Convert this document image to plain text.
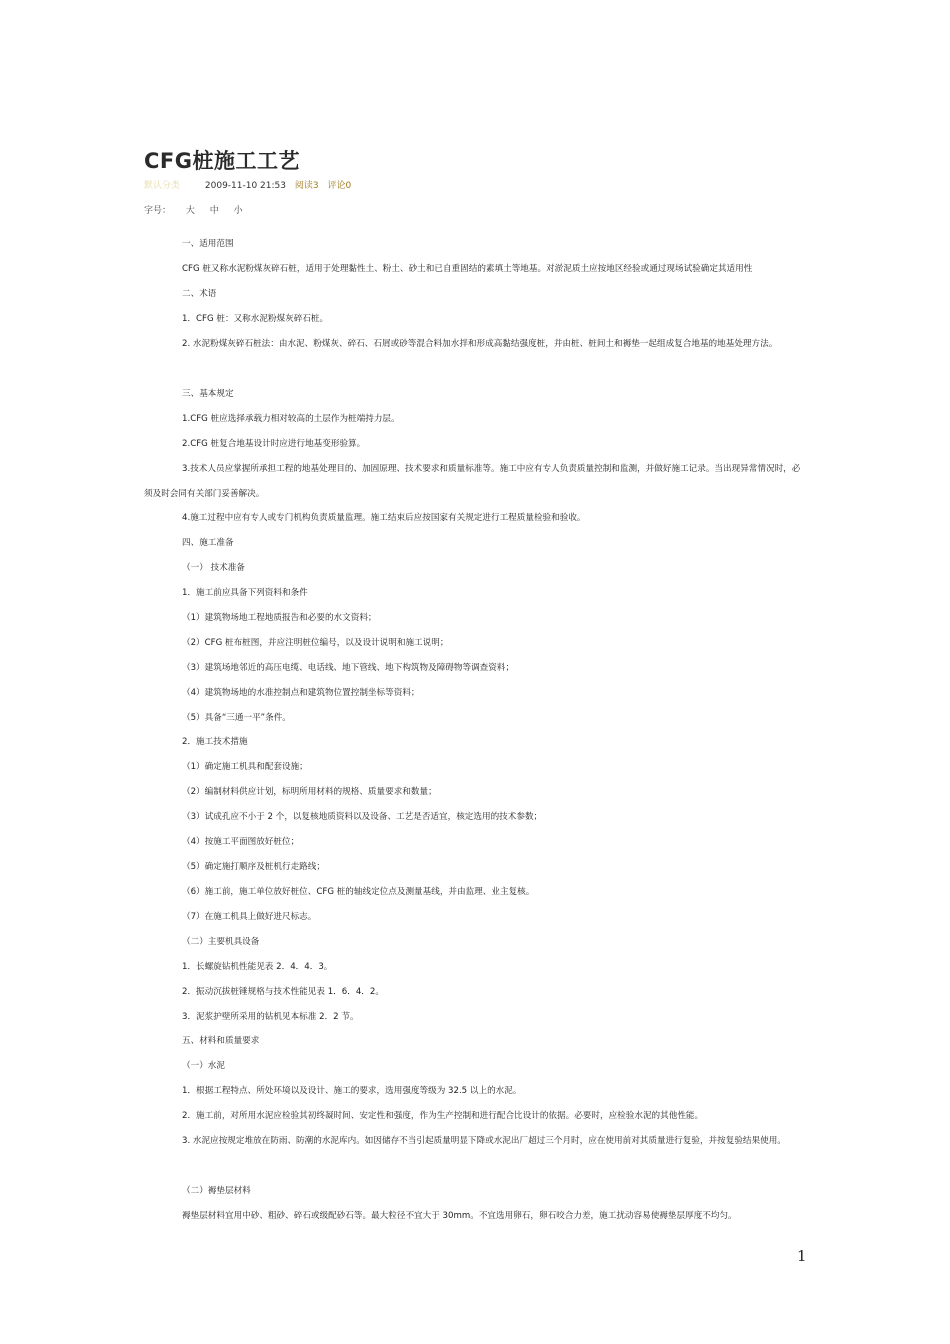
CFG桩施工工艺
默认分类	2009-11-10 21:53 阅读3 评论0
字号： 大 中 小

一、适用范围

CFG 桩又称水泥粉煤灰碎石桩，适用于处理黏性土、粉土、砂土和已自重固结的素填土等地基。对淤泥质土应按地区经验或通过现场试验确定其适用性

二、术语

1．CFG 桩：又称水泥粉煤灰碎石桩。

2. 水泥粉煤灰碎石桩法：由水泥、粉煤灰、碎石、石屑或砂等混合料加水拌和形成高黏结强度桩，并由桩、桩间土和褥垫一起组成复合地基的地基处理方法。

三、基本规定

1.CFG 桩应选择承载力相对较高的土层作为桩端持力层。

2.CFG 桩复合地基设计时应进行地基变形验算。

3.技术人员应掌握所承担工程的地基处理目的、加固原理、技术要求和质量标准等。施工中应有专人负责质量控制和监测，并做好施工记录。当出现异常情况时，必须及时会同有关部门妥善解决。

4.施工过程中应有专人或专门机构负责质量监理。施工结束后应按国家有关规定进行工程质量检验和验收。

四、施工准备

（一） 技术准备

1．施工前应具备下列资料和条件

（1）建筑物场地工程地质报告和必要的水文资料；

（2）CFG 桩布桩图，并应注明桩位编号，以及设计说明和施工说明；

（3）建筑场地邻近的高压电缆、电话线、地下管线、地下构筑物及障碍物等调查资料；

（4）建筑物场地的水准控制点和建筑物位置控制坐标等资料；

（5）具备“三通一平”条件。

2．施工技术措施

（1）确定施工机具和配套设施；

（2）编制材料供应计划，标明所用材料的规格、质量要求和数量；

（3）试成孔应不小于 2 个，以复核地质资料以及设备、工艺是否适宜，核定选用的技术参数；

（4）按施工平面图放好桩位；

（5）确定施打顺序及桩机行走路线；

（6）施工前，施工单位放好桩位、CFG 桩的轴线定位点及测量基线，并由监理、业主复核。

（7）在施工机具上做好进尺标志。

（二）主要机具设备

1．长螺旋钻机性能见表 2．4．4．3。

2．振动沉拔桩锤规格与技术性能见表 1．6．4．2。

3．泥浆护壁所采用的钻机见本标准 2．2 节。

五、材料和质量要求

（一）水泥

1．根据工程特点、所处环境以及设计、施工的要求，选用强度等级为 32.5 以上的水泥。

2．施工前，对所用水泥应检验其初终凝时间、安定性和强度，作为生产控制和进行配合比设计的依据。必要时，应检验水泥的其他性能。

3. 水泥应按规定堆放在防雨、防潮的水泥库内。如因储存不当引起质量明显下降或水泥出厂超过三个月时，应在使用前对其质量进行复验，并按复验结果使用。

（二）褥垫层材料

褥垫层材料宜用中砂、粗砂、碎石或级配砂石等。最大粒径不宜大于 30mm。不宜选用卵石，卵石咬合力差，施工扰动容易使褥垫层厚度不均匀。

1
